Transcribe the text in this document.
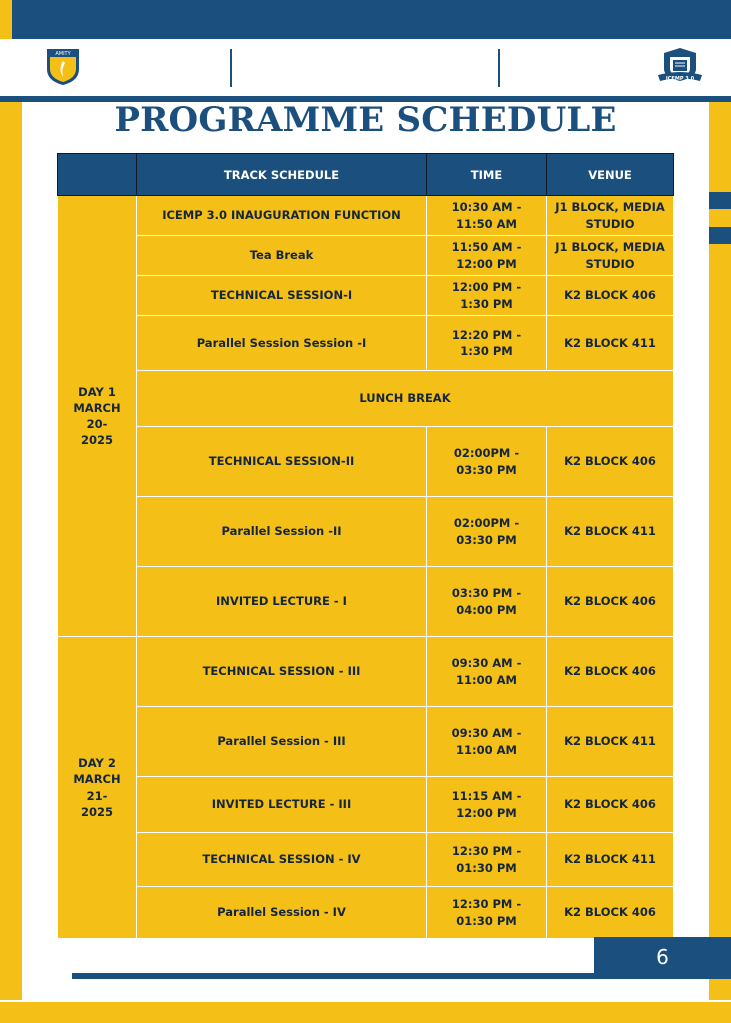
AMITY
ICEMP 3.0
PROGRAMME SCHEDULE
	TRACK SCHEDULE	TIME	VENUE
DAY 1
MARCH 20-
2025	ICEMP 3.0 INAUGURATION FUNCTION	10:30 AM -
11:50 AM	J1 BLOCK, MEDIA
STUDIO
	Tea Break	11:50 AM -
12:00 PM	J1 BLOCK, MEDIA
STUDIO
	TECHNICAL SESSION-I	12:00 PM -
1:30 PM	K2 BLOCK 406
	Parallel Session Session -I	12:20 PM -
1:30 PM	K2 BLOCK 411
	LUNCH BREAK		
	TECHNICAL SESSION-II	02:00PM -
03:30 PM	K2 BLOCK 406
	Parallel Session -II	02:00PM -
03:30 PM	K2 BLOCK 411
	INVITED LECTURE - I	03:30 PM -
04:00 PM	K2 BLOCK 406
DAY 2
MARCH 21-
2025	TECHNICAL SESSION - III	09:30 AM -
11:00 AM	K2 BLOCK 406
	Parallel Session - III	09:30 AM -
11:00 AM	K2 BLOCK 411
	INVITED LECTURE - III	11:15 AM -
12:00 PM	K2 BLOCK 406
	TECHNICAL SESSION - IV	12:30 PM -
01:30 PM	K2 BLOCK 411
	Parallel Session - IV	12:30 PM -
01:30 PM	K2 BLOCK 406
6
